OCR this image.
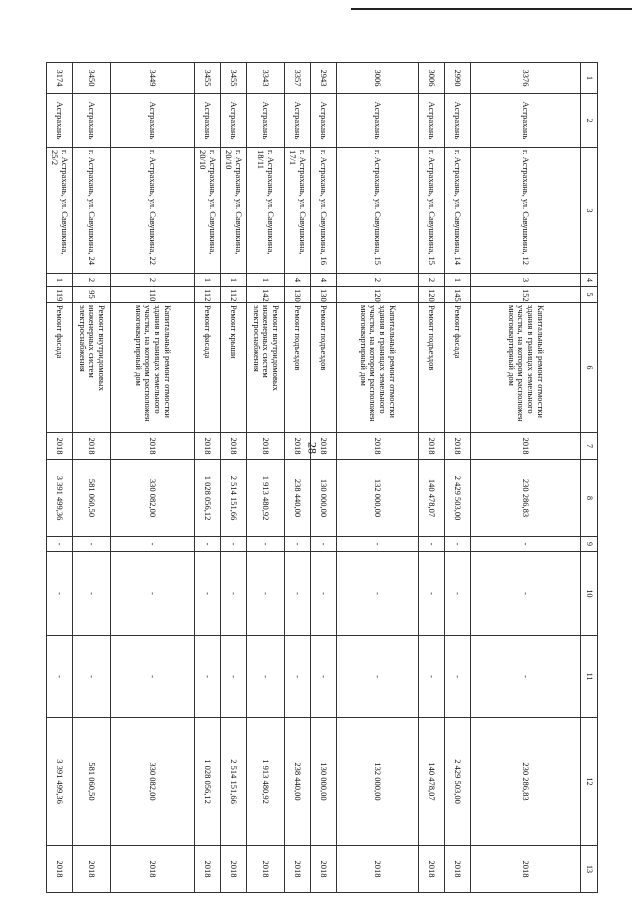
28
1	2	3	4	5	6	7	8	9	10	11	12	13
3376	Астрахань	г. Астрахань, ул. Савушкина, 12	3	152	Капитальный ремонт отмостки здания в границах земельного участка, на котором расположен многоквартирный дом	2018	230 286,83	-	-	-	230 286,83	2018
2990	Астрахань	г. Астрахань, ул. Савушкина, 14	1	145	Ремонт фасада	2018	2 429 503,00	-	-	-	2 429 503,00	2018
3006	Астрахань	г. Астрахань, ул. Савушкина, 15	2	120	Ремонт подъездов	2018	140 478,07	-	-	-	140 478,07	2018
3006	Астрахань	г. Астрахань, ул. Савушкина, 15	2	120	Капитальный ремонт отмостки здания в границах земельного участка, на котором расположен многоквартирный дом	2018	132 000,00	-	-	-	132 000,00	2018
2943	Астрахань	г. Астрахань, ул. Савушкина, 16	4	130	Ремонт подъездов	2018	130 000,00	-	-	-	130 000,00	2018
3357	Астрахань	г. Астрахань, ул. Савушкина, 17/1	4	130	Ремонт подъездов	2018	238 440,00	-	-	-	238 440,00	2018
3343	Астрахань	г. Астрахань, ул. Савушкина, 18/11	1	142	Ремонт внутридомовых инженерных систем электроснабжения	2018	1 913 480,92	-	-	-	1 913 480,92	2018
3455	Астрахань	г. Астрахань, ул. Савушкина, 20/10	1	112	Ремонт крыши	2018	2 514 151,66	-	-	-	2 514 151,66	2018
3455	Астрахань	г. Астрахань, ул. Савушкина, 20/10	1	112	Ремонт фасада	2018	1 028 056,12	-	-	-	1 028 056,12	2018
3449	Астрахань	г. Астрахань, ул. Савушкина, 22	2	110	Капитальный ремонт отмостки здания в границах земельного участка, на котором расположен многоквартирный дом	2018	330 082,00	-	-	-	330 082,00	2018
3450	Астрахань	г. Астрахань, ул. Савушкина, 24	2	95	Ремонт внутридомовых инженерных систем электроснабжения	2018	581 060,50	-	-	-	581 060,50	2018
3174	Астрахань	г. Астрахань, ул. Савушкина, 25/2	1	119	Ремонт фасада	2018	3 391 499,36	-	-	-	3 391 499,36	2018
